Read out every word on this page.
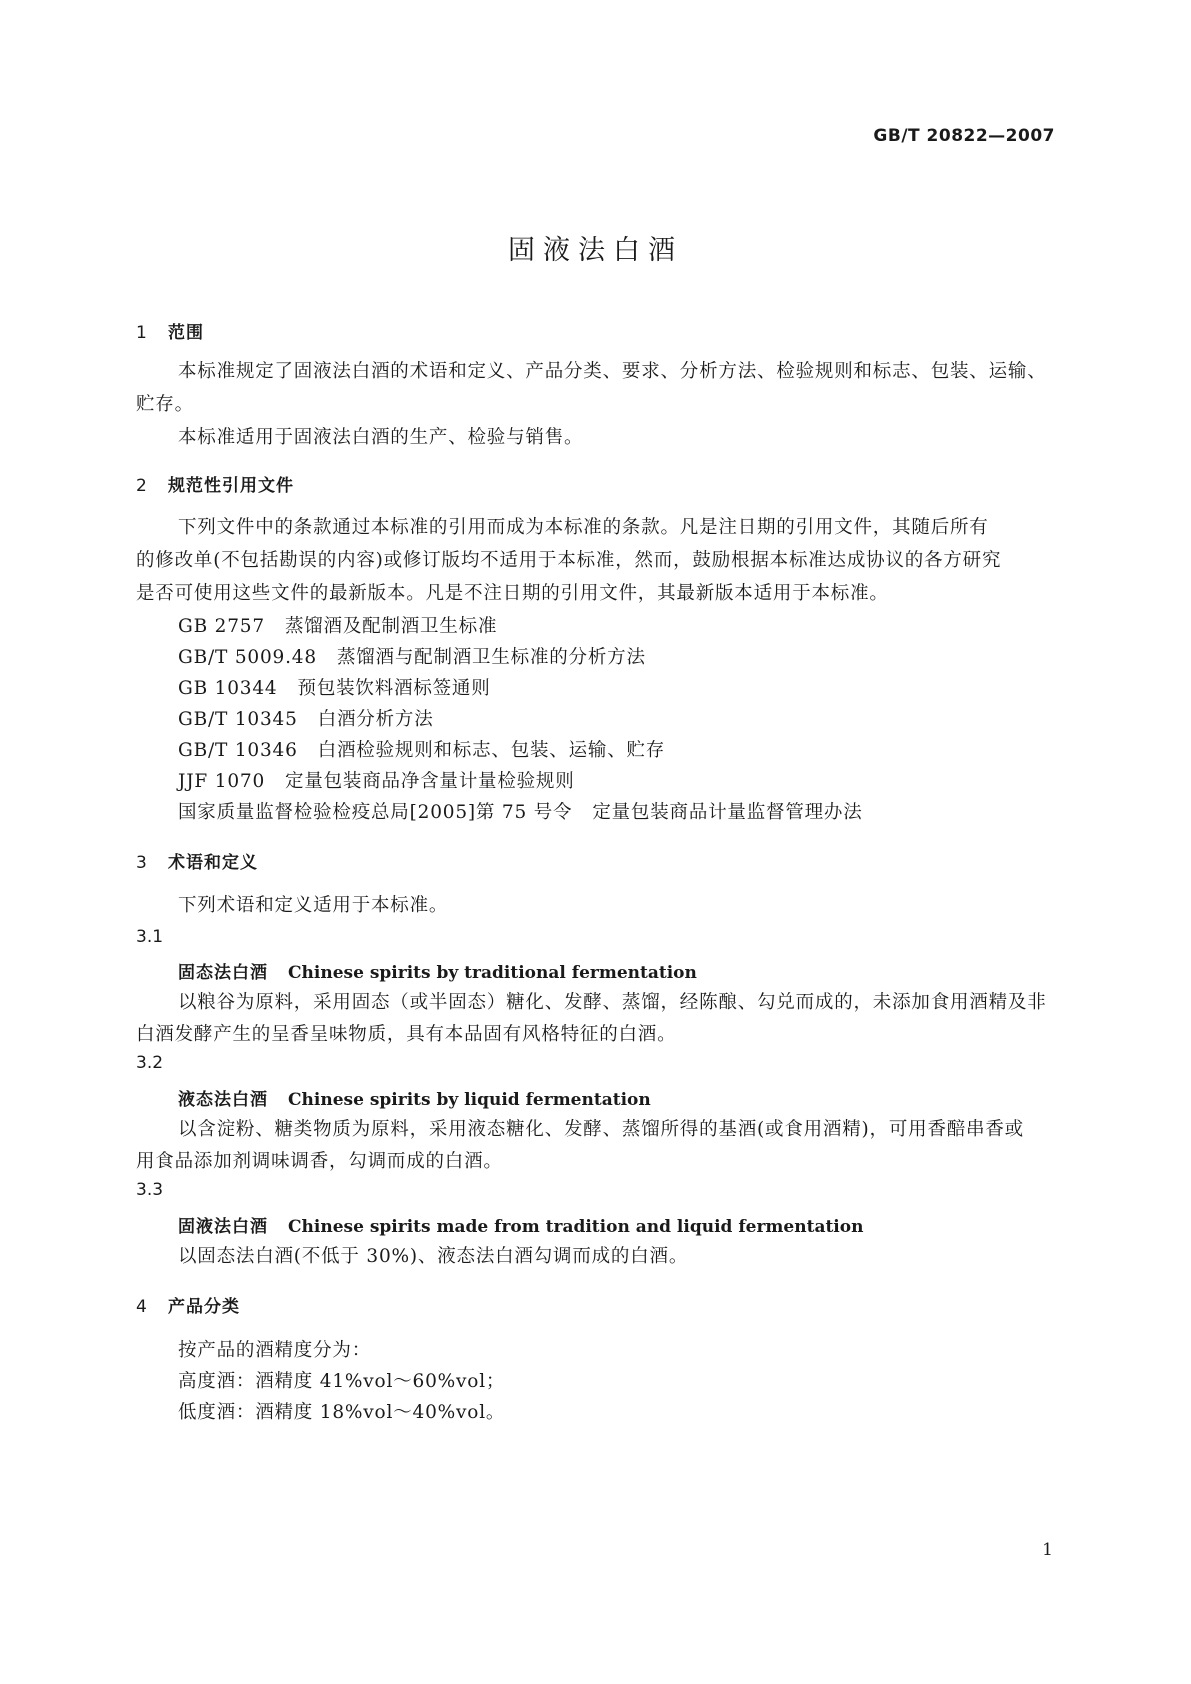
GB/T 20822—2007
固液法白酒
1 范围
本标准规定了固液法白酒的术语和定义、产品分类、要求、分析方法、检验规则和标志、包装、运输、
贮存。
本标准适用于固液法白酒的生产、检验与销售。
2 规范性引用文件
下列文件中的条款通过本标准的引用而成为本标准的条款。凡是注日期的引用文件，其随后所有
的修改单(不包括勘误的内容)或修订版均不适用于本标准，然而，鼓励根据本标准达成协议的各方研究
是否可使用这些文件的最新版本。凡是不注日期的引用文件，其最新版本适用于本标准。
GB 2757 蒸馏酒及配制酒卫生标准
GB/T 5009.48 蒸馏酒与配制酒卫生标准的分析方法
GB 10344 预包装饮料酒标签通则
GB/T 10345 白酒分析方法
GB/T 10346 白酒检验规则和标志、包装、运输、贮存
JJF 1070 定量包装商品净含量计量检验规则
国家质量监督检验检疫总局[2005]第 75 号令 定量包装商品计量监督管理办法
3 术语和定义
下列术语和定义适用于本标准。
3.1
固态法白酒 Chinese spirits by traditional fermentation
以粮谷为原料，采用固态（或半固态）糖化、发酵、蒸馏，经陈酿、勾兑而成的，未添加食用酒精及非
白酒发酵产生的呈香呈味物质，具有本品固有风格特征的白酒。
3.2
液态法白酒 Chinese spirits by liquid fermentation
以含淀粉、糖类物质为原料，采用液态糖化、发酵、蒸馏所得的基酒(或食用酒精)，可用香醅串香或
用食品添加剂调味调香，勾调而成的白酒。
3.3
固液法白酒 Chinese spirits made from tradition and liquid fermentation
以固态法白酒(不低于 30%)、液态法白酒勾调而成的白酒。
4 产品分类
按产品的酒精度分为：
高度酒：酒精度 41%vol～60%vol；
低度酒：酒精度 18%vol～40%vol。
1
